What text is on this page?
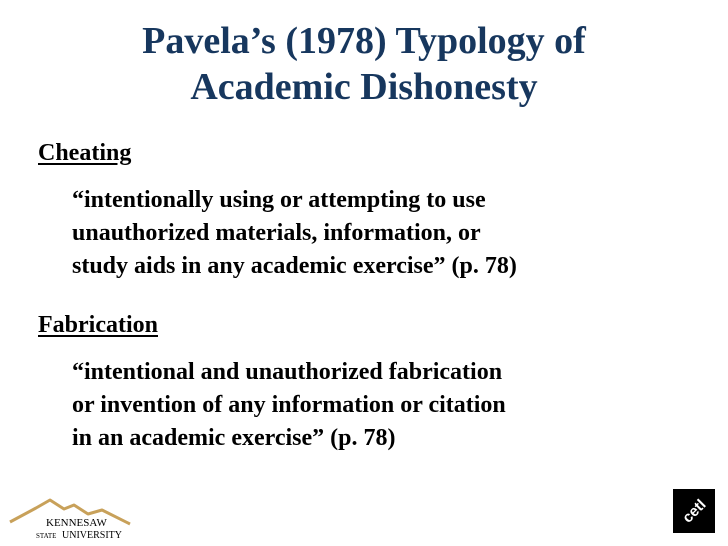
Pavela’s (1978) Typology of
Academic Dishonesty
Cheating
“intentionally using or attempting to use
unauthorized materials, information, or
study aids in any academic exercise” (p. 78)
Fabrication
“intentional and unauthorized fabrication
or invention of any information or citation
in an academic exercise” (p. 78)
KENNESAW
STATE UNIVERSITY
cetl
